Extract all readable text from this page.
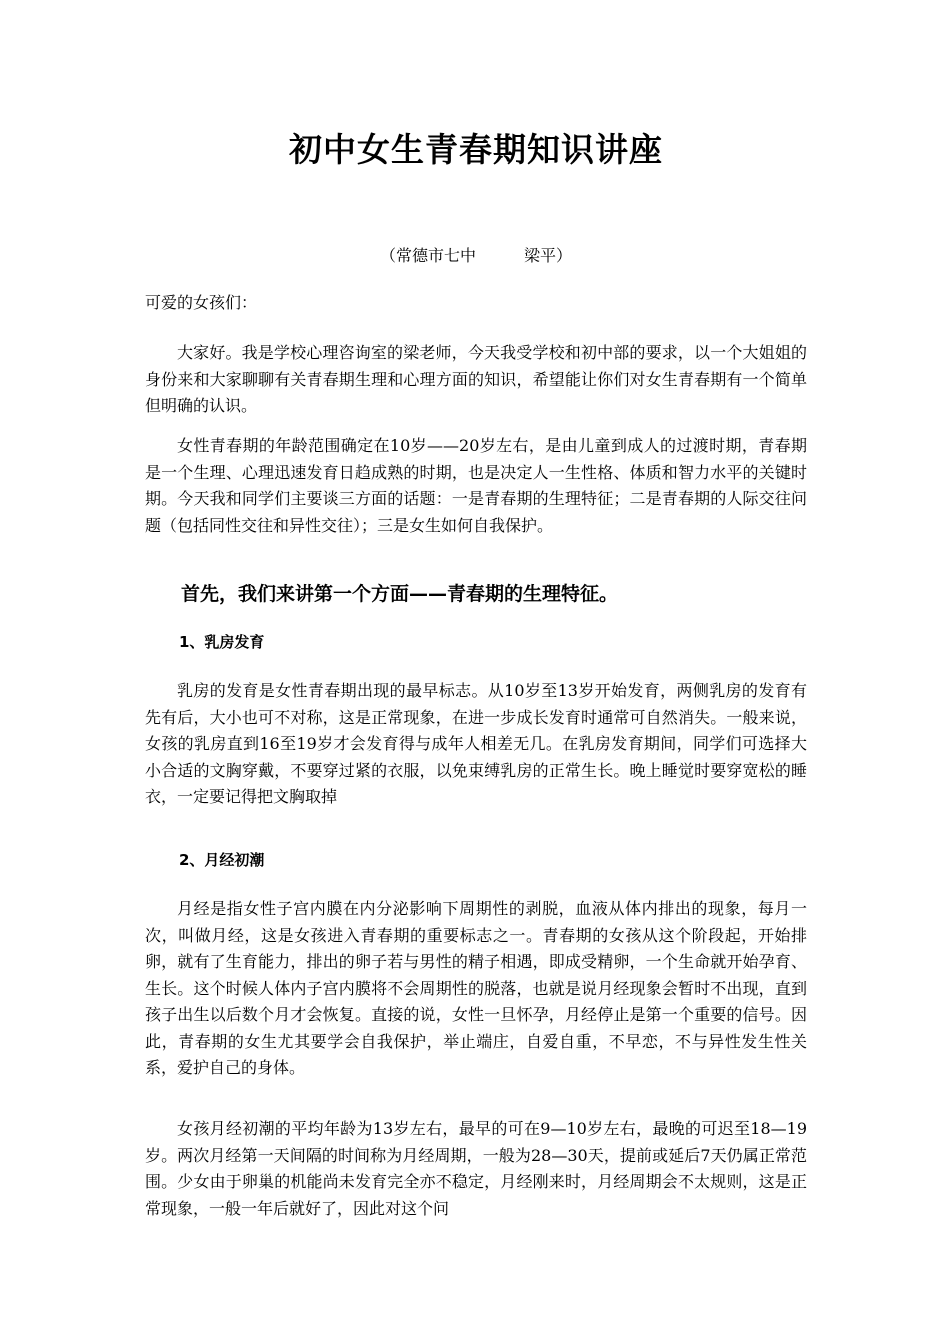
初中女生青春期知识讲座
（常德市七中　　　梁平）
可爱的女孩们：

大家好。我是学校心理咨询室的梁老师，今天我受学校和初中部的要求，以一个大姐姐的身份来和大家聊聊有关青春期生理和心理方面的知识，希望能让你们对女生青春期有一个简单但明确的认识。

女性青春期的年龄范围确定在10岁——20岁左右，是由儿童到成人的过渡时期，青春期是一个生理、心理迅速发育日趋成熟的时期，也是决定人一生性格、体质和智力水平的关键时期。今天我和同学们主要谈三方面的话题：一是青春期的生理特征；二是青春期的人际交往问题（包括同性交往和异性交往）；三是女生如何自我保护。

首先，我们来讲第一个方面——青春期的生理特征。
1、乳房发育

乳房的发育是女性青春期出现的最早标志。从10岁至13岁开始发育，两侧乳房的发育有先有后，大小也可不对称，这是正常现象，在进一步成长发育时通常可自然消失。一般来说，女孩的乳房直到16至19岁才会发育得与成年人相差无几。在乳房发育期间，同学们可选择大小合适的文胸穿戴，不要穿过紧的衣服，以免束缚乳房的正常生长。晚上睡觉时要穿宽松的睡衣，一定要记得把文胸取掉

2、月经初潮

月经是指女性子宫内膜在内分泌影响下周期性的剥脱，血液从体内排出的现象，每月一次，叫做月经，这是女孩进入青春期的重要标志之一。青春期的女孩从这个阶段起，开始排卵，就有了生育能力，排出的卵子若与男性的精子相遇，即成受精卵，一个生命就开始孕育、生长。这个时候人体内子宫内膜将不会周期性的脱落，也就是说月经现象会暂时不出现，直到孩子出生以后数个月才会恢复。直接的说，女性一旦怀孕，月经停止是第一个重要的信号。因此，青春期的女生尤其要学会自我保护，举止端庄，自爱自重，不早恋，不与异性发生性关系，爱护自己的身体。

女孩月经初潮的平均年龄为13岁左右，最早的可在9—10岁左右，最晚的可迟至18—19岁。两次月经第一天间隔的时间称为月经周期，一般为28—30天，提前或延后7天仍属正常范围。少女由于卵巢的机能尚未发育完全亦不稳定，月经刚来时，月经周期会不太规则，这是正常现象，一般一年后就好了，因此对这个问
